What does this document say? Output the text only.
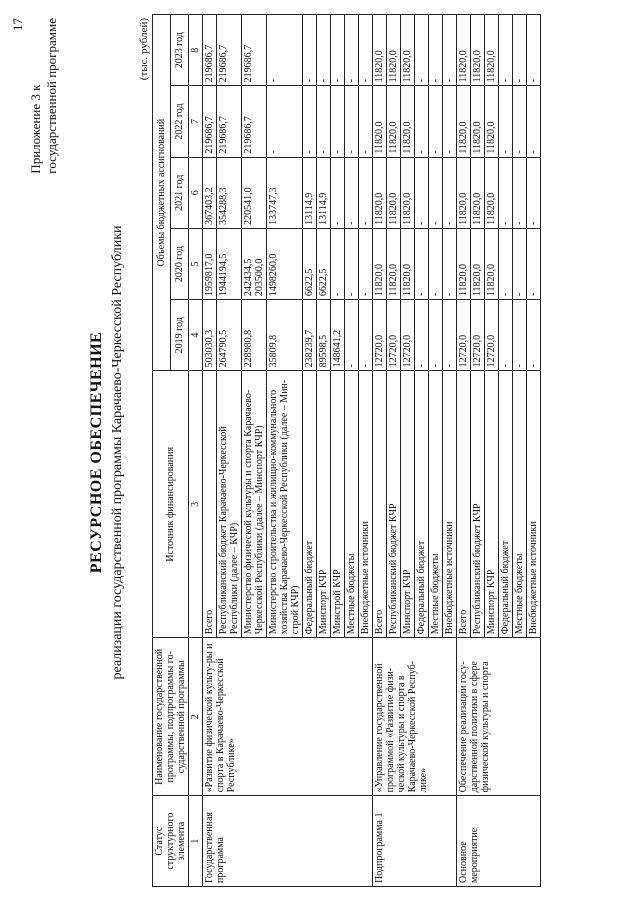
17
Приложение 3 к государственной программе
РЕСУРСНОЕ ОБЕСПЕЧЕНИЕ реализации государственной программы Карачаево-Черкесской Республики
(тыс. рублей)
Статус структурного элемента	Наименование государственной программы, подпрограммы го-сударственной программы	Источник финансирования	Объемы бюджетных ассигнований				
			2019 год	2020 год	2021 год	2022 год	2023 год
1	2	3	4	5	6	7	8
Государственная программа	«Развитие физической культу-ры и спорта в Карачаево-Черкесской Республике»	Всего	503030,3	1959817,0	367403,2	219686,7	219686,7

		Республиканский бюджет Карачаево-Черкесской Республики (далее – КЧР)	264790,5	1944194,5	354288,3	219686,7	219686,7

		Министерство физической культуры и спорта Карачаево-Черкесской Республики (далее – Минспорт КЧР)	228980,8	242434,5 203500,0	220541,0	219686,7	219686,7

		Министерство строительства и жилищно-коммунального хозяйства Карачаево-Черкесской Республики (далее – Мин-строй КЧР)	35809,8	1498260,0	133747,3	-	-

		Федеральный бюджет	238239,7	6622,5	13114,9	-	-

		Минспорт КЧР	89598,5	6622,5	13114,9	-	-

		Минстрой КЧР	148641,2	-	-	-	-

		Местные бюджеты	-	-	-	-	-

		Внебюджетные источники	-	-	-	-	-

Подпрограмма 1	«Управление государственной программой «Развитие физи-ческой культуры и спорта в Карачаево-Черкесской Респуб-лике»	Всего	12720,0	11820,0	11820,0	11820,0	11820,0

		Республиканский бюджет КЧР	12720,0	11820,0	11820,0	11820,0	11820,0

		Минспорт КЧР	12720,0	11820,0	11820,0	11820,0	11820,0

		Федеральный бюджет	-	-	-	-	-

		Местные бюджеты	-	-	-	-	-

		Внебюджетные источники	-	-	-	-	-

Основное мероприятие	Обеспечение реализации госу-дарственной политики в сфере физической культуры и спорта	Всего	12720,0	11820,0	11820,0	11820,0	11820,0

		Республиканский бюджет КЧР	12720,0	11820,0	11820,0	11820,0	11820,0

		Минспорт КЧР	12720,0	11820,0	11820,0	11820,0	11820,0

		Федеральный бюджет	-	-	-	-	-

		Местные бюджеты	-	-	-	-	-

		Внебюджетные источники	-	-	-	-	-
